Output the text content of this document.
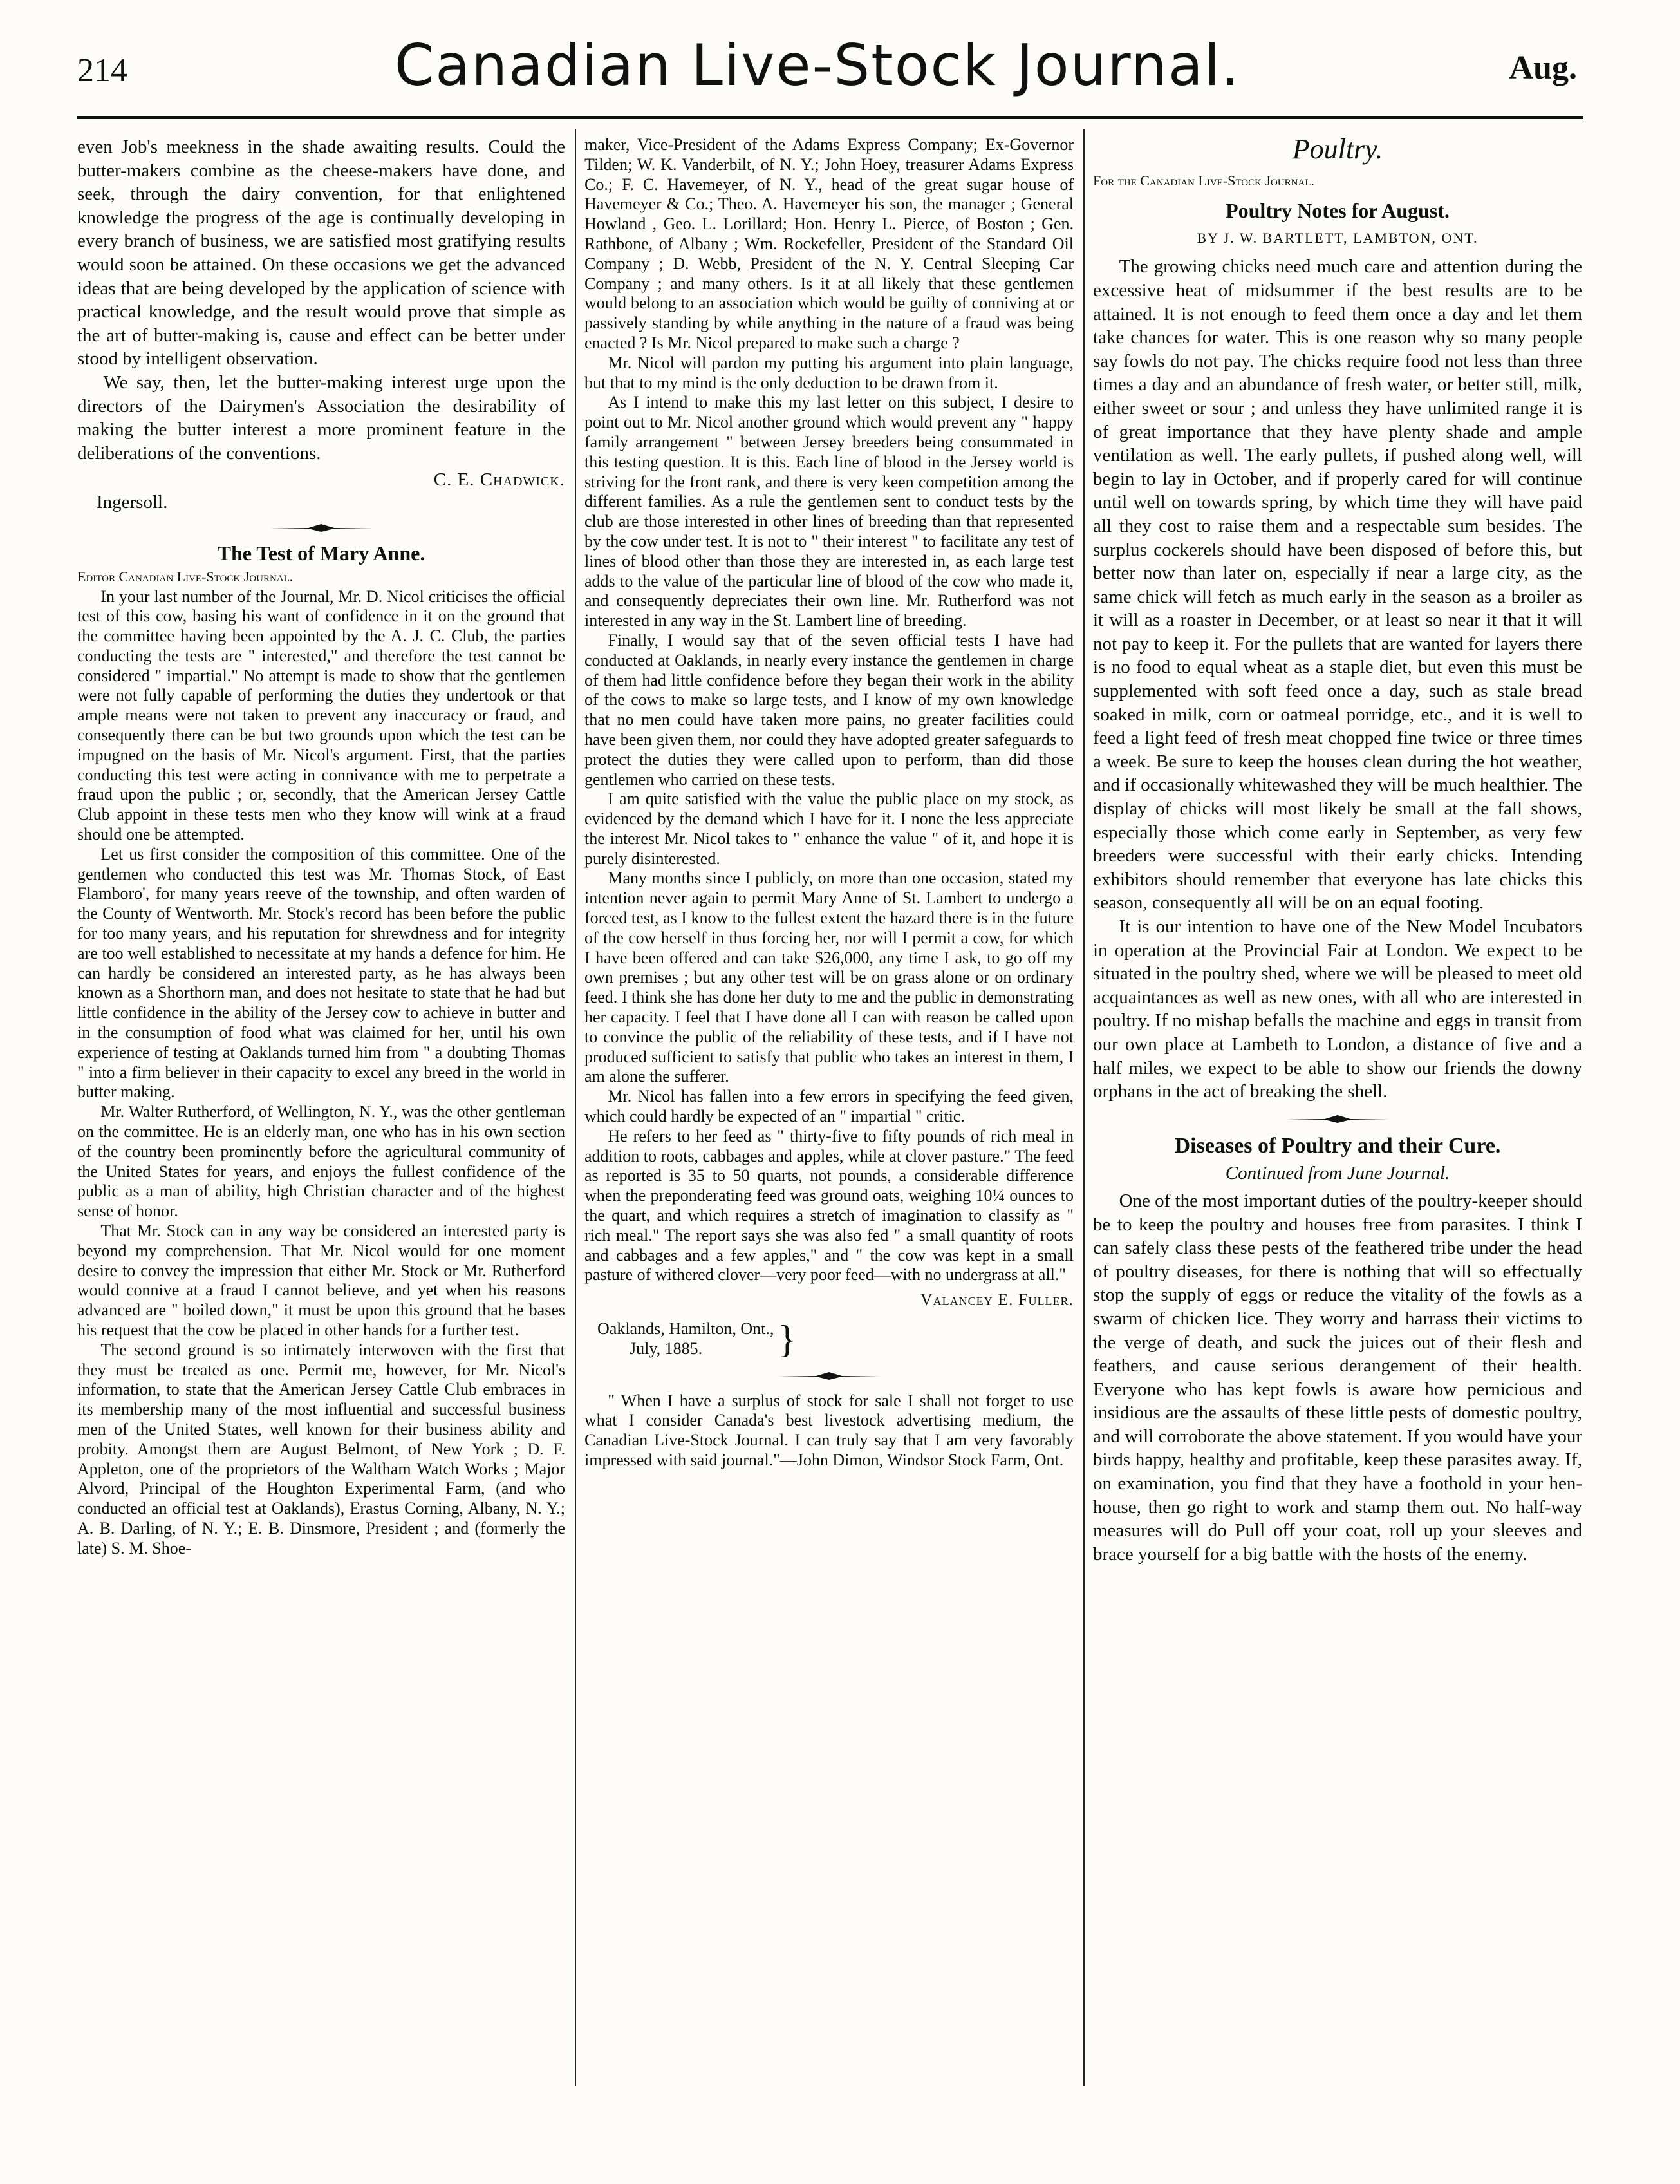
214	Canadian Live-Stock Journal.	Aug.

even Job's meekness in the shade awaiting results. Could the butter-makers combine as the cheese-makers have done, and seek, through the dairy convention, for that enlightened knowledge the progress of the age is continually developing in every branch of business, we are satisfied most gratifying results would soon be attained. On these occasions we get the advanced ideas that are being developed by the application of science with practical knowledge, and the result would prove that simple as the art of butter-making is, cause and effect can be better under stood by intelligent observation.

We say, then, let the butter-making interest urge upon the directors of the Dairymen's Association the desirability of making the butter interest a more prominent feature in the deliberations of the conventions.

C. E. Chadwick.
Ingersoll.
The Test of Mary Anne.

Editor Canadian Live-Stock Journal.

In your last number of the Journal, Mr. D. Nicol criticises the official test of this cow, basing his want of confidence in it on the ground that the committee having been appointed by the A. J. C. Club, the parties conducting the tests are " interested," and therefore the test cannot be considered " impartial." No attempt is made to show that the gentlemen were not fully capable of performing the duties they undertook or that ample means were not taken to prevent any inaccuracy or fraud, and consequently there can be but two grounds upon which the test can be impugned on the basis of Mr. Nicol's argument. First, that the parties conducting this test were acting in connivance with me to perpetrate a fraud upon the public ; or, secondly, that the American Jersey Cattle Club appoint in these tests men who they know will wink at a fraud should one be attempted.

Let us first consider the composition of this committee. One of the gentlemen who conducted this test was Mr. Thomas Stock, of East Flamboro', for many years reeve of the township, and often warden of the County of Wentworth. Mr. Stock's record has been before the public for too many years, and his reputation for shrewdness and for integrity are too well established to necessitate at my hands a defence for him. He can hardly be considered an interested party, as he has always been known as a Shorthorn man, and does not hesitate to state that he had but little confidence in the ability of the Jersey cow to achieve in butter and in the consumption of food what was claimed for her, until his own experience of testing at Oaklands turned him from " a doubting Thomas " into a firm believer in their capacity to excel any breed in the world in butter making.

Mr. Walter Rutherford, of Wellington, N. Y., was the other gentleman on the committee. He is an elderly man, one who has in his own section of the country been prominently before the agricultural community of the United States for years, and enjoys the fullest confidence of the public as a man of ability, high Christian character and of the highest sense of honor.

That Mr. Stock can in any way be considered an interested party is beyond my comprehension. That Mr. Nicol would for one moment desire to convey the impression that either Mr. Stock or Mr. Rutherford would connive at a fraud I cannot believe, and yet when his reasons advanced are " boiled down," it must be upon this ground that he bases his request that the cow be placed in other hands for a further test.

The second ground is so intimately interwoven with the first that they must be treated as one. Permit me, however, for Mr. Nicol's information, to state that the American Jersey Cattle Club embraces in its membership many of the most influential and successful business men of the United States, well known for their business ability and probity. Amongst them are August Belmont, of New York ; D. F. Appleton, one of the proprietors of the Waltham Watch Works ; Major Alvord, Principal of the Houghton Experimental Farm, (and who conducted an official test at Oaklands), Erastus Corning, Albany, N. Y.; A. B. Darling, of N. Y.; E. B. Dinsmore, President ; and (formerly the late) S. M. Shoe-

maker, Vice-President of the Adams Express Company; Ex-Governor Tilden; W. K. Vanderbilt, of N. Y.; John Hoey, treasurer Adams Express Co.; F. C. Havemeyer, of N. Y., head of the great sugar house of Havemeyer & Co.; Theo. A. Havemeyer his son, the manager ; General Howland , Geo. L. Lorillard; Hon. Henry L. Pierce, of Boston ; Gen. Rathbone, of Albany ; Wm. Rockefeller, President of the Standard Oil Company ; D. Webb, President of the N. Y. Central Sleeping Car Company ; and many others. Is it at all likely that these gentlemen would belong to an association which would be guilty of conniving at or passively standing by while anything in the nature of a fraud was being enacted ? Is Mr. Nicol prepared to make such a charge ?

Mr. Nicol will pardon my putting his argument into plain language, but that to my mind is the only deduction to be drawn from it.

As I intend to make this my last letter on this subject, I desire to point out to Mr. Nicol another ground which would prevent any " happy family arrangement " between Jersey breeders being consummated in this testing question. It is this. Each line of blood in the Jersey world is striving for the front rank, and there is very keen competition among the different families. As a rule the gentlemen sent to conduct tests by the club are those interested in other lines of breeding than that represented by the cow under test. It is not to " their interest " to facilitate any test of lines of blood other than those they are interested in, as each large test adds to the value of the particular line of blood of the cow who made it, and consequently depreciates their own line. Mr. Rutherford was not interested in any way in the St. Lambert line of breeding.

Finally, I would say that of the seven official tests I have had conducted at Oaklands, in nearly every instance the gentlemen in charge of them had little confidence before they began their work in the ability of the cows to make so large tests, and I know of my own knowledge that no men could have taken more pains, no greater facilities could have been given them, nor could they have adopted greater safeguards to protect the duties they were called upon to perform, than did those gentlemen who carried on these tests.

I am quite satisfied with the value the public place on my stock, as evidenced by the demand which I have for it. I none the less appreciate the interest Mr. Nicol takes to " enhance the value " of it, and hope it is purely disinterested.

Many months since I publicly, on more than one occasion, stated my intention never again to permit Mary Anne of St. Lambert to undergo a forced test, as I know to the fullest extent the hazard there is in the future of the cow herself in thus forcing her, nor will I permit a cow, for which I have been offered and can take $26,000, any time I ask, to go off my own premises ; but any other test will be on grass alone or on ordinary feed. I think she has done her duty to me and the public in demonstrating her capacity. I feel that I have done all I can with reason be called upon to convince the public of the reliability of these tests, and if I have not produced sufficient to satisfy that public who takes an interest in them, I am alone the sufferer.

Mr. Nicol has fallen into a few errors in specifying the feed given, which could hardly be expected of an " impartial " critic.

He refers to her feed as " thirty-five to fifty pounds of rich meal in addition to roots, cabbages and apples, while at clover pasture." The feed as reported is 35 to 50 quarts, not pounds, a considerable difference when the preponderating feed was ground oats, weighing 10¼ ounces to the quart, and which requires a stretch of imagination to classify as " rich meal." The report says she was also fed " a small quantity of roots and cabbages and a few apples," and " the cow was kept in a small pasture of withered clover—very poor feed—with no undergrass at all."

Valancey E. Fuller.
Oaklands, Hamilton, Ont.,
July, 1885.	}

" When I have a surplus of stock for sale I shall not forget to use what I consider Canada's best livestock advertising medium, the Canadian Live-Stock Journal. I can truly say that I am very favorably impressed with said journal."—John Dimon, Windsor Stock Farm, Ont.

Poultry.

For the Canadian Live-Stock Journal.

Poultry Notes for August.
BY J. W. BARTLETT, LAMBTON, ONT.

The growing chicks need much care and attention during the excessive heat of midsummer if the best results are to be attained. It is not enough to feed them once a day and let them take chances for water. This is one reason why so many people say fowls do not pay. The chicks require food not less than three times a day and an abundance of fresh water, or better still, milk, either sweet or sour ; and unless they have unlimited range it is of great importance that they have plenty shade and ample ventilation as well. The early pullets, if pushed along well, will begin to lay in October, and if properly cared for will continue until well on towards spring, by which time they will have paid all they cost to raise them and a respectable sum besides. The surplus cockerels should have been disposed of before this, but better now than later on, especially if near a large city, as the same chick will fetch as much early in the season as a broiler as it will as a roaster in December, or at least so near it that it will not pay to keep it. For the pullets that are wanted for layers there is no food to equal wheat as a staple diet, but even this must be supplemented with soft feed once a day, such as stale bread soaked in milk, corn or oatmeal porridge, etc., and it is well to feed a light feed of fresh meat chopped fine twice or three times a week. Be sure to keep the houses clean during the hot weather, and if occasionally whitewashed they will be much healthier. The display of chicks will most likely be small at the fall shows, especially those which come early in September, as very few breeders were successful with their early chicks. Intending exhibitors should remember that everyone has late chicks this season, consequently all will be on an equal footing.

It is our intention to have one of the New Model Incubators in operation at the Provincial Fair at London. We expect to be situated in the poultry shed, where we will be pleased to meet old acquaintances as well as new ones, with all who are interested in poultry. If no mishap befalls the machine and eggs in transit from our own place at Lambeth to London, a distance of five and a half miles, we expect to be able to show our friends the downy orphans in the act of breaking the shell.

Diseases of Poultry and their Cure.
Continued from June Journal.

One of the most important duties of the poultry-keeper should be to keep the poultry and houses free from parasites. I think I can safely class these pests of the feathered tribe under the head of poultry diseases, for there is nothing that will so effectually stop the supply of eggs or reduce the vitality of the fowls as a swarm of chicken lice. They worry and harrass their victims to the verge of death, and suck the juices out of their flesh and feathers, and cause serious derangement of their health. Everyone who has kept fowls is aware how pernicious and insidious are the assaults of these little pests of domestic poultry, and will corroborate the above statement. If you would have your birds happy, healthy and profitable, keep these parasites away. If, on examination, you find that they have a foothold in your hen-house, then go right to work and stamp them out. No half-way measures will do Pull off your coat, roll up your sleeves and brace yourself for a big battle with the hosts of the enemy.
